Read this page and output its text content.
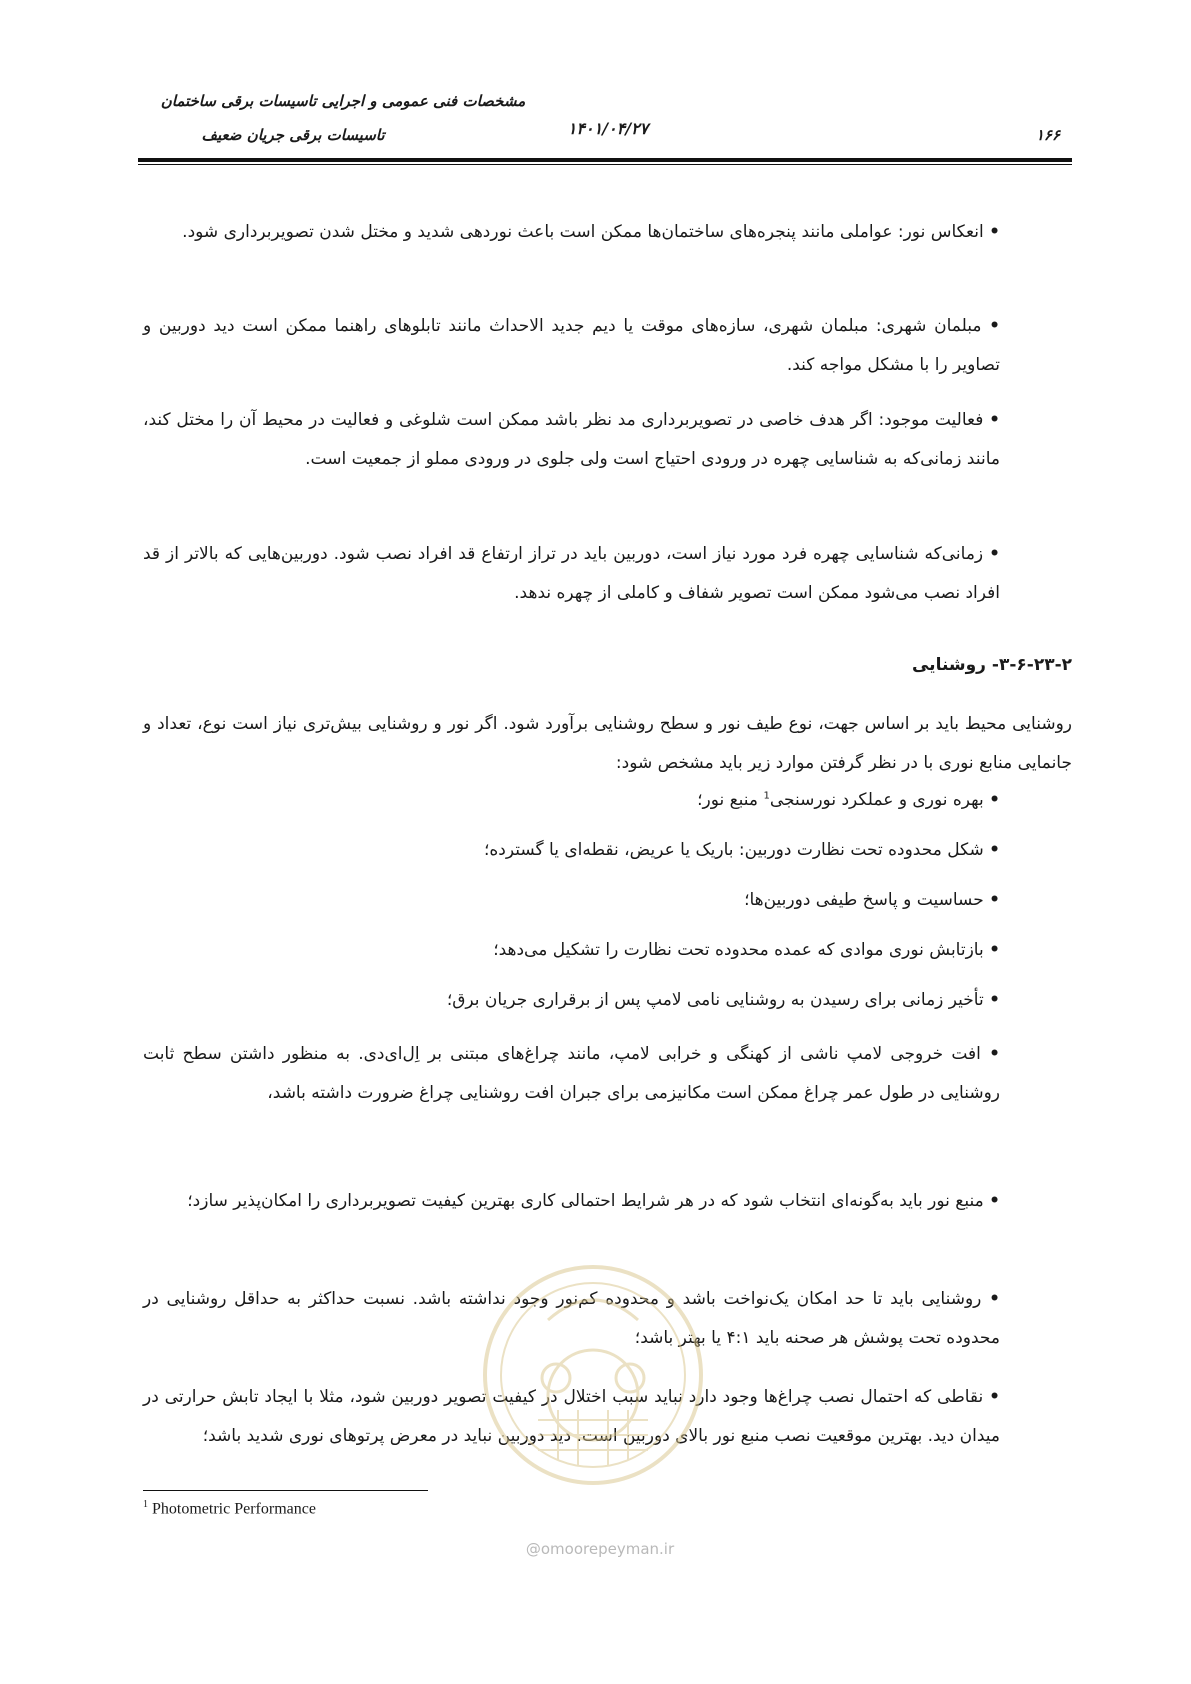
مشخصات فنی عمومی و اجرایی تاسیسات برقی ساختمان
تاسیسات برقی جریان ضعیف	۱۴۰۱/۰۴/۲۷	۱۶۶
• انعکاس نور: عواملی مانند پنجره‌های ساختمان‌ها ممکن است باعث نوردهی شدید و مختل شدن تصویربرداری شود.
• مبلمان شهری: مبلمان شهری، سازه‌های موقت یا دیم جدید الاحداث مانند تابلوهای راهنما ممکن است دید دوربین و تصاویر را با مشکل مواجه کند.
• فعالیت موجود: اگر هدف خاصی در تصویربرداری مد نظر باشد ممکن است شلوغی و فعالیت در محیط آن را مختل کند، مانند زمانی‌که به شناسایی چهره در ورودی احتیاج است ولی جلوی در ورودی مملو از جمعیت است.
• زمانی‌که شناسایی چهره فرد مورد نیاز است، دوربین باید در تراز ارتفاع قد افراد نصب شود. دوربین‌هایی که بالاتر از قد افراد نصب می‌شود ممکن است تصویر شفاف و کاملی از چهره ندهد.
۳-۶-۲۳-۲- روشنایی
روشنایی محیط باید بر اساس جهت، نوع طیف نور و سطح روشنایی برآورد شود. اگر نور و روشنایی بیش‌تری نیاز است نوع، تعداد و جانمایی منابع نوری با در نظر گرفتن موارد زیر باید مشخص شود:
• بهره نوری و عملکرد نورسنجی$^1$ منبع نور؛
• شکل محدوده تحت نظارت دوربین: باریک یا عریض، نقطه‌ای یا گسترده؛
• حساسیت و پاسخ طیفی دوربین‌ها؛
• بازتابش نوری موادی که عمده محدوده تحت نظارت را تشکیل می‌دهد؛
• تأخیر زمانی برای رسیدن به روشنایی نامی لامپ پس از برقراری جریان برق؛
• افت خروجی لامپ ناشی از کهنگی و خرابی لامپ، مانند چراغ‌های مبتنی بر اِل‌ای‌دی. به منظور داشتن سطح ثابت روشنایی در طول عمر چراغ ممکن است مکانیزمی برای جبران افت روشنایی چراغ ضرورت داشته باشد،
• منبع نور باید به‌گونه‌ای انتخاب شود که در هر شرایط احتمالی کاری بهترین کیفیت تصویربرداری را امکان‌پذیر سازد؛
• روشنایی باید تا حد امکان یک‌نواخت باشد و محدوده کم‌نور وجود نداشته باشد. نسبت حداکثر به حداقل روشنایی در محدوده تحت پوشش هر صحنه باید ۴:۱ یا بهتر باشد؛
• نقاطی که احتمال نصب چراغ‌ها وجود دارد نباید سبب اختلال در کیفیت تصویر دوربین شود، مثلا با ایجاد تابش حرارتی در میدان دید. بهترین موقعیت نصب منبع نور بالای دوربین است. دید دوربین نباید در معرض پرتوهای نوری شدید باشد؛
@omoorepeyman.ir
$^1$ Photometric Performance
